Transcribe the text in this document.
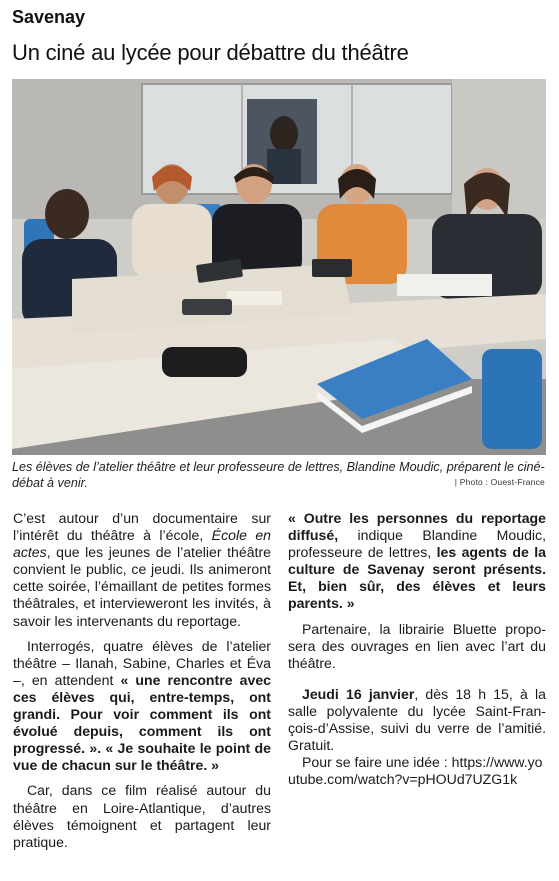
Savenay
Un ciné au lycée pour débattre du théâtre

Les élèves de l’atelier théâtre et leur professeure de lettres, Blandine Moudic, préparent le ciné-débat à venir.	| Photo : Ouest-France

C’est autour d’un documentaire sur l’intérêt du théâtre à l’école, École en actes, que les jeunes de l’atelier théâtre convient le public, ce jeudi. Ils animeront cette soirée, l’émaillant de petites formes théâtrales, et intervieweront les invités, à savoir les intervenants du reportage.

Interrogés, quatre élèves de l’atelier théâtre – Ilanah, Sabine, Charles et Éva –, en attendent « une rencontre avec ces élèves qui, entre-temps, ont grandi. Pour voir comment ils ont évolué depuis, comment ils ont progressé. ». « Je souhaite le point de vue de chacun sur le théâtre. »

Car, dans ce film réalisé autour du théâtre en Loire-Atlantique, d’autres élèves témoignent et partagent leur pratique.

« Outre les personnes du reportage diffusé, indique Blandine Moudic, professeure de lettres, les agents de la culture de Savenay seront présents. Et, bien sûr, des élèves et leurs parents. »

Partenaire, la librairie Bluette proposera des ouvrages en lien avec l’art du théâtre.

Jeudi 16 janvier, dès 18 h 15, à la salle polyvalente du lycée Saint-François-d’Assise, suivi du verre de l’amitié. Gratuit.

Pour se faire une idée : https://www.youtube.com/watch?v=pHOUd7UZG1k
